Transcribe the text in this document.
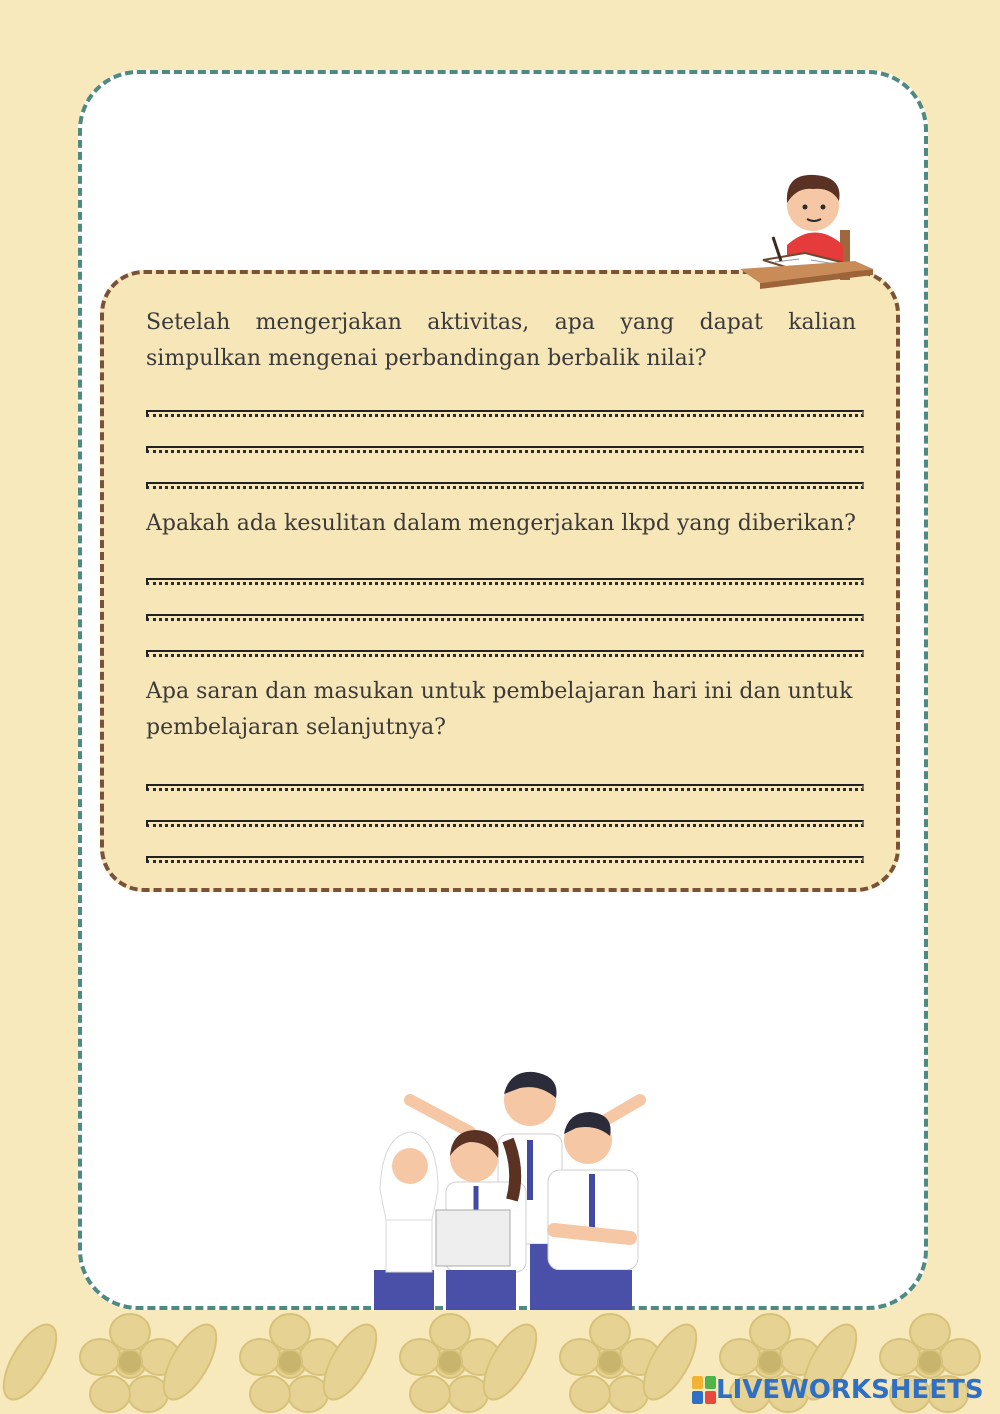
Setelah mengerjakan aktivitas, apa yang dapat kalian simpulkan mengenai perbandingan berbalik nilai?
Apakah ada kesulitan dalam mengerjakan lkpd yang diberikan?
Apa saran dan masukan untuk pembelajaran hari ini dan untuk pembelajaran selanjutnya?
LIVEWORKSHEETS
